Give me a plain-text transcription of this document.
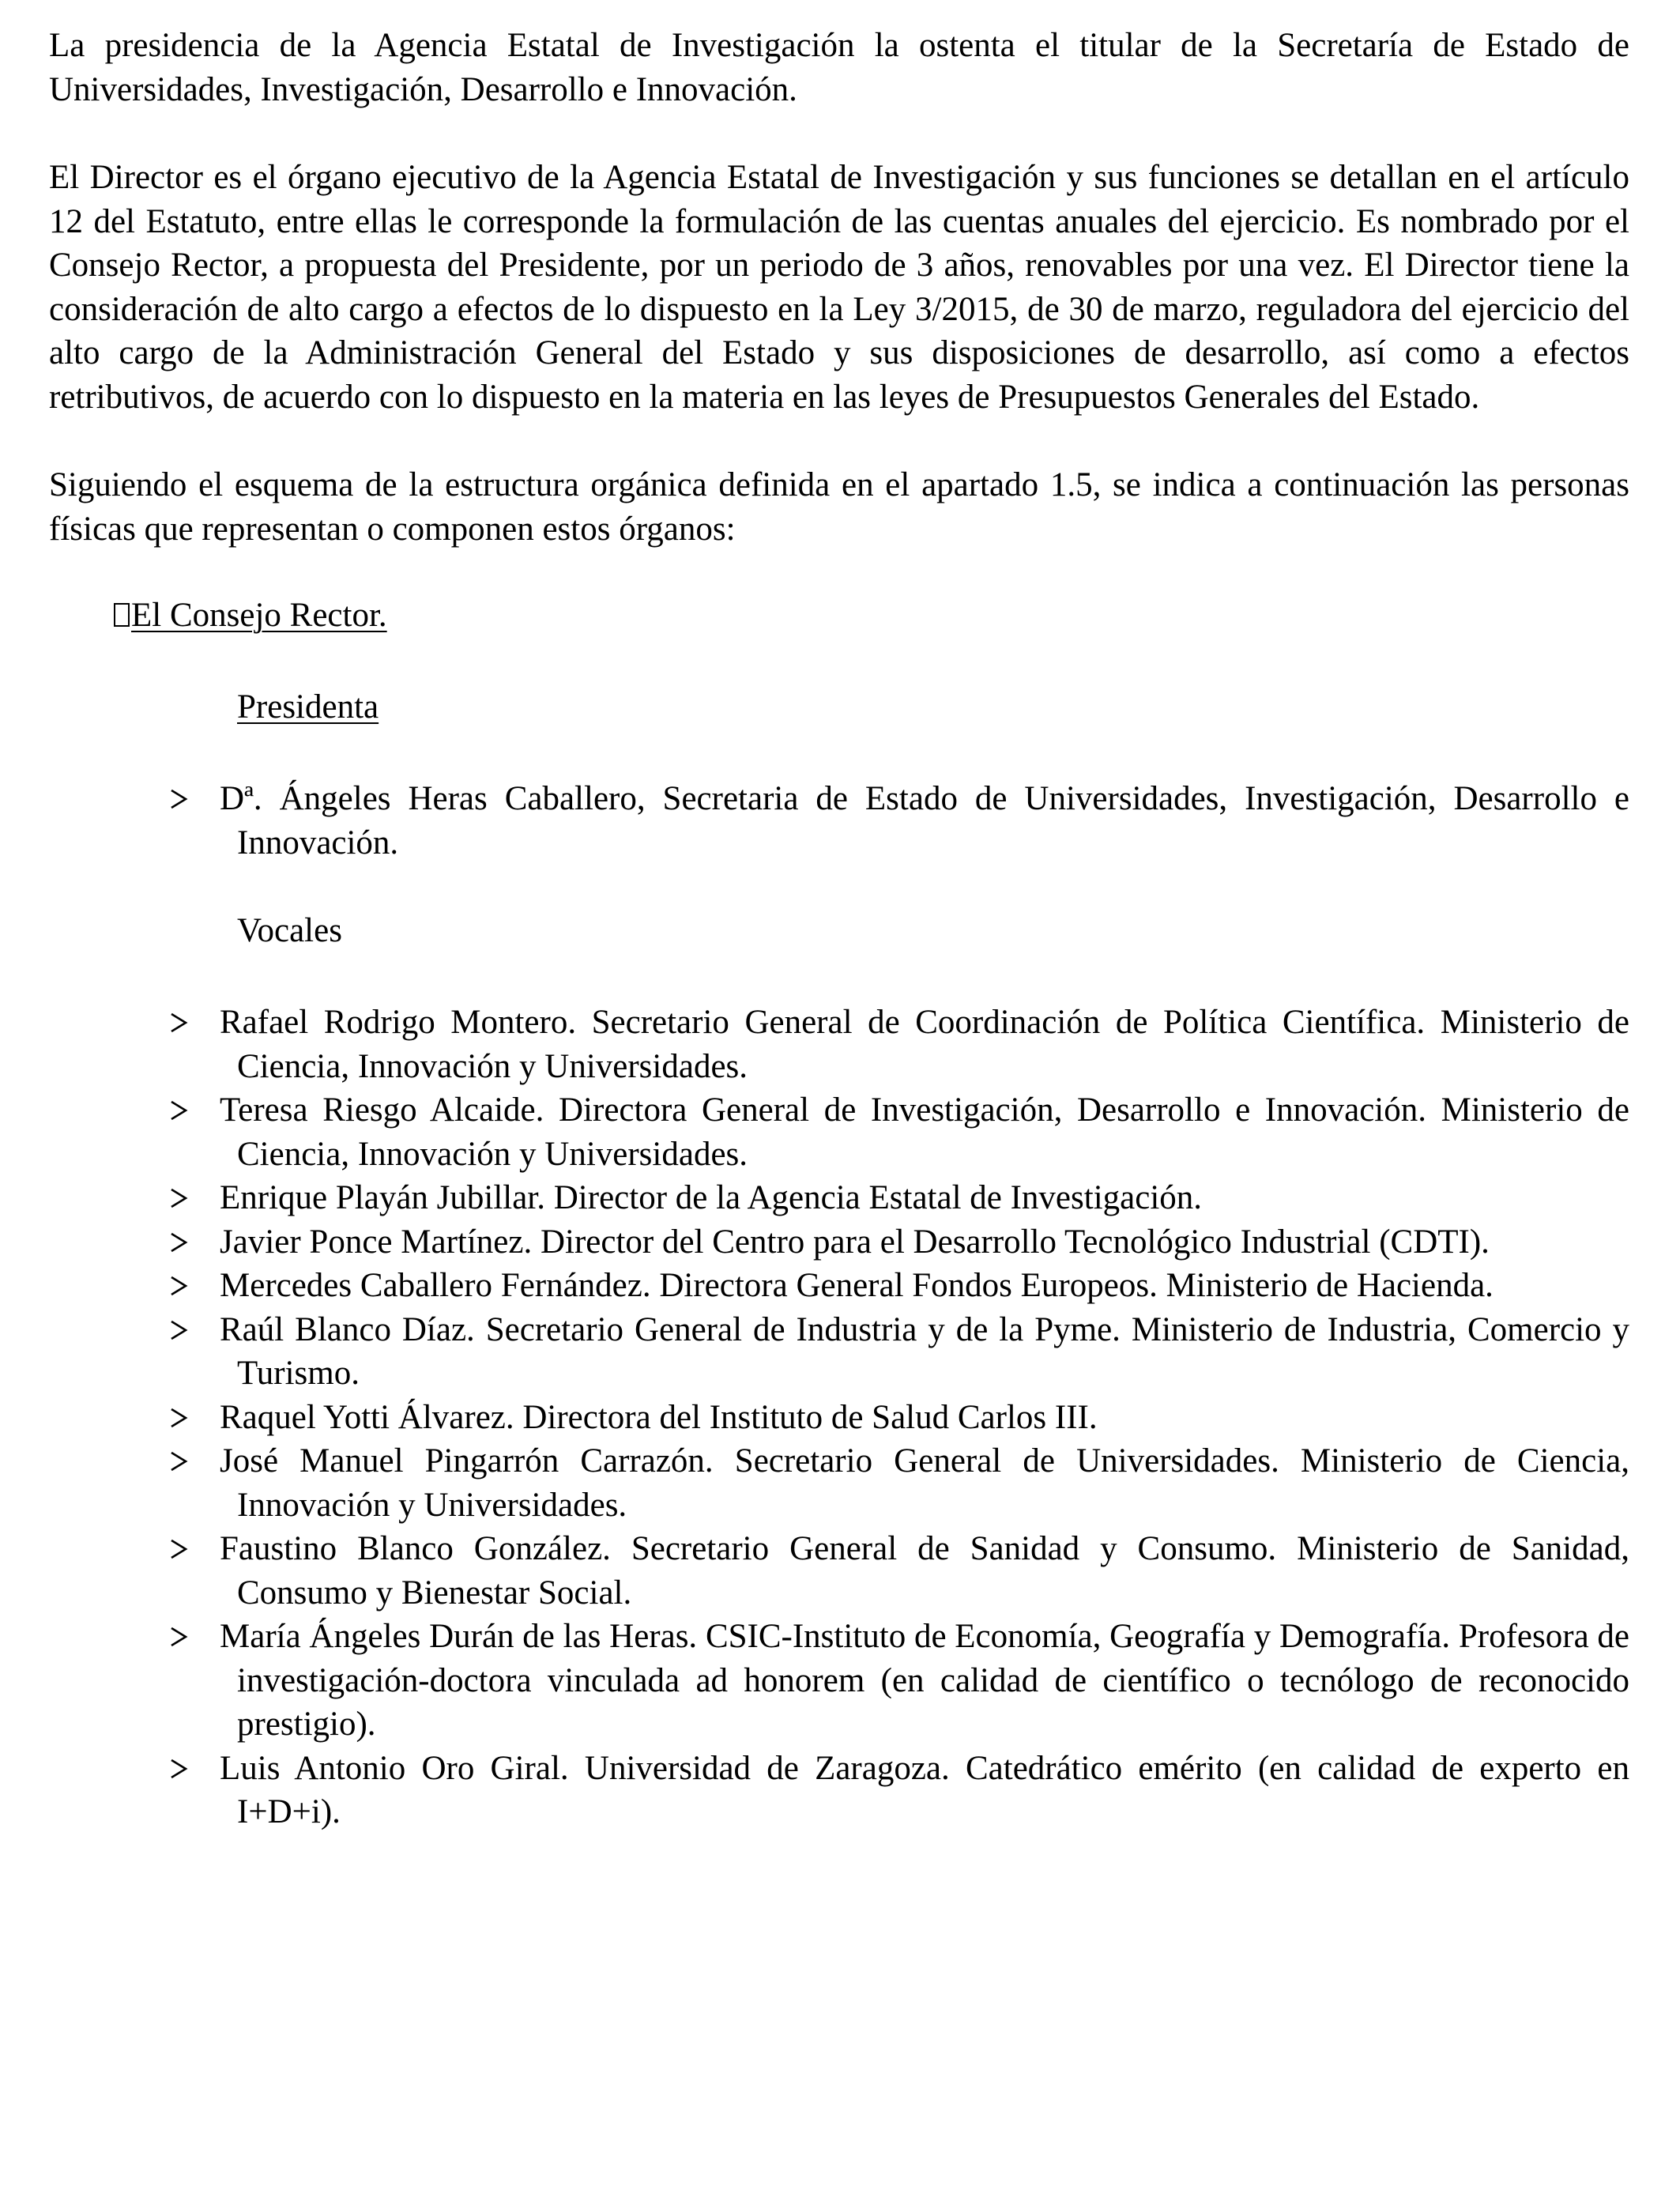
La presidencia de la Agencia Estatal de Investigación la ostenta el titular de la Secretaría de Estado de Universidades, Investigación, Desarrollo e Innovación.

El Director es el órgano ejecutivo de la Agencia Estatal de Investigación y sus funciones se detallan en el artículo 12 del Estatuto, entre ellas le corresponde la formulación de las cuentas anuales del ejercicio. Es nombrado por el Consejo Rector, a propuesta del Presidente, por un periodo de 3 años, renovables por una vez. El Director tiene la consideración de alto cargo a efectos de lo dispuesto en la Ley 3/2015, de 30 de marzo, reguladora del ejercicio del alto cargo de la Administración General del Estado y sus disposiciones de desarrollo, así como a efectos retributivos, de acuerdo con lo dispuesto en la materia en las leyes de Presupuestos Generales del Estado.

Siguiendo el esquema de la estructura orgánica definida en el apartado 1.5, se indica a continuación las personas físicas que representan o componen estos órganos:

El Consejo Rector.

Presidenta

Dª. Ángeles Heras Caballero, Secretaria de Estado de Universidades, Investigación, Desarrollo e Innovación.

Vocales

Rafael Rodrigo Montero. Secretario General de Coordinación de Política Científica. Ministerio de Ciencia, Innovación y Universidades.
Teresa Riesgo Alcaide. Directora General de Investigación, Desarrollo e Innovación. Ministerio de Ciencia, Innovación y Universidades.
Enrique Playán Jubillar. Director de la Agencia Estatal de Investigación.
Javier Ponce Martínez. Director del Centro para el Desarrollo Tecnológico Industrial (CDTI).
Mercedes Caballero Fernández. Directora General Fondos Europeos. Ministerio de Hacienda.
Raúl Blanco Díaz. Secretario General de Industria y de la Pyme. Ministerio de Industria, Comercio y Turismo.
Raquel Yotti Álvarez. Directora del Instituto de Salud Carlos III.
José Manuel Pingarrón Carrazón. Secretario General de Universidades. Ministerio de Ciencia, Innovación y Universidades.
Faustino Blanco González. Secretario General de Sanidad y Consumo. Ministerio de Sanidad, Consumo y Bienestar Social.
María Ángeles Durán de las Heras. CSIC-Instituto de Economía, Geografía y Demografía. Profesora de investigación-doctora vinculada ad honorem (en calidad de científico o tecnólogo de reconocido prestigio).
Luis Antonio Oro Giral. Universidad de Zaragoza. Catedrático emérito (en calidad de experto en I+D+i).
